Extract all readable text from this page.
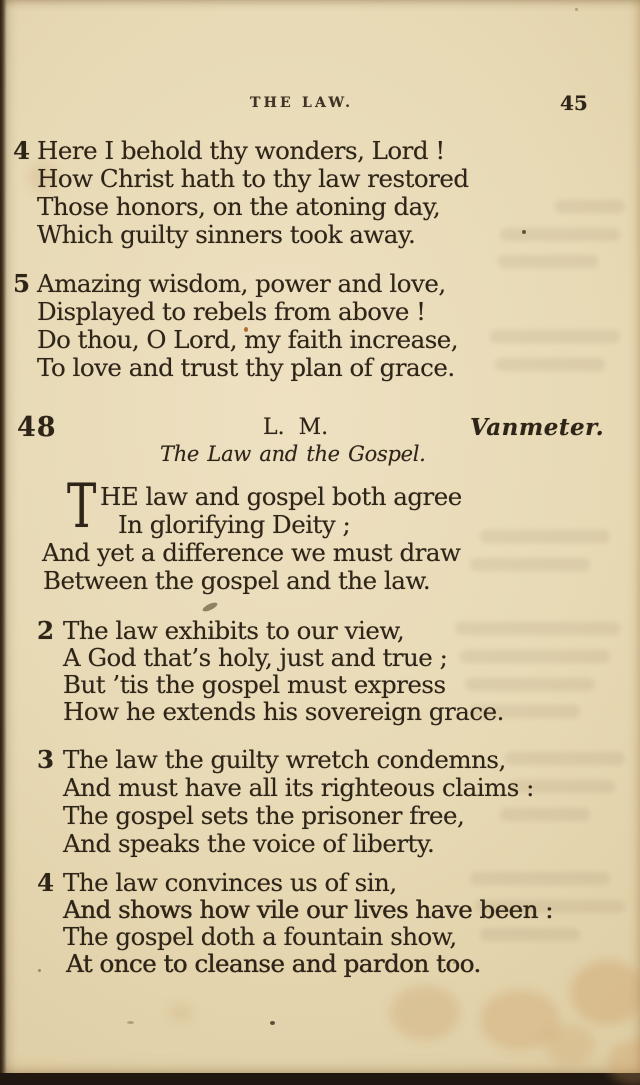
THE LAW.	45
4 Here I behold thy wonders, Lord !
How Christ hath to thy law restored
Those honors, on the atoning day,
Which guilty sinners took away.
5 Amazing wisdom, power and love,
Displayed to rebels from above !
Do thou, O Lord, my faith increase,
To love and trust thy plan of grace.
48	L. M.	Vanmeter.
The Law and the Gospel.
T HE law and gospel both agree
In glorifying Deity ;
And yet a difference we must draw
Between the gospel and the law.
2 The law exhibits to our view,
A God that’s holy, just and true ;
But ’tis the gospel must express
How he extends his sovereign grace.
3 The law the guilty wretch condemns,
And must have all its righteous claims :
The gospel sets the prisoner free,
And speaks the voice of liberty.
4 The law convinces us of sin,
And shows how vile our lives have been :
The gospel doth a fountain show,
At once to cleanse and pardon too.
